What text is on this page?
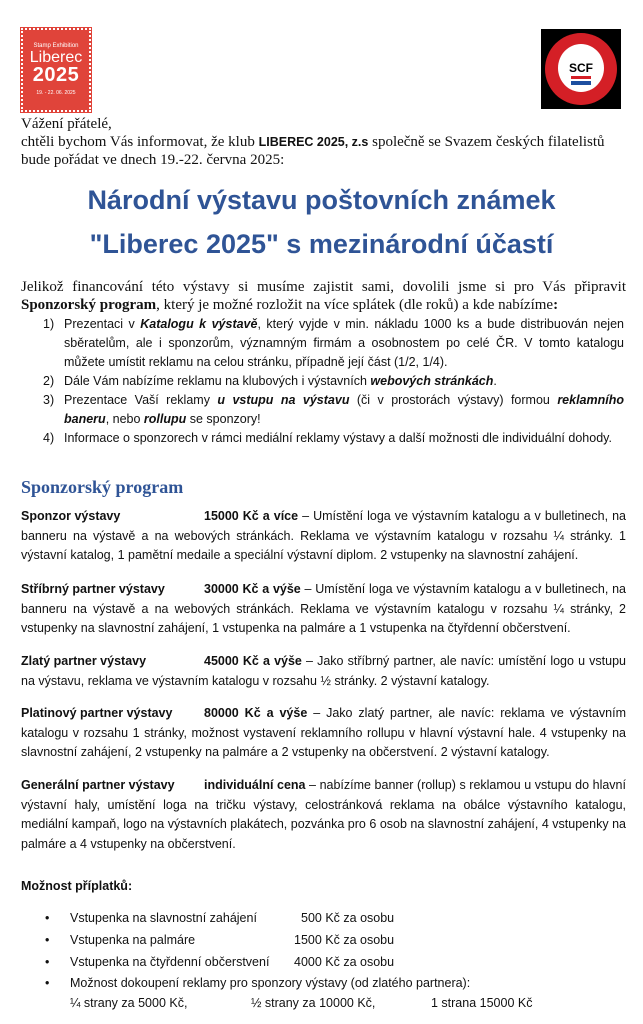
Stamp Exhibition
Liberec
2025
19. - 22. 06. 2025
SCF
Vážení přátelé,
chtěli bychom Vás informovat, že klub LIBEREC 2025, z.s společně se Svazem českých filatelistů
bude pořádat ve dnech 19.-22. června 2025:
Národní výstavu poštovních známek
"Liberec 2025" s mezinárodní účastí
Jelikož financování této výstavy si musíme zajistit sami, dovolili jsme si pro Vás připravit Sponzorský program, který je možné rozložit na více splátek (dle roků) a kde nabízíme:
1) Prezentaci v Katalogu k výstavě, který vyjde v min. nákladu 1000 ks a bude distribuován nejen sběratelům, ale i sponzorům, významným firmám a osobnostem po celé ČR. V tomto katalogu můžete umístit reklamu na celou stránku, případně její část (1/2, 1/4).
2) Dále Vám nabízíme reklamu na klubových i výstavních webových stránkách.
3) Prezentace Vaší reklamy u vstupu na výstavu (či v prostorách výstavy) formou reklamního baneru, nebo rollupu se sponzory!
4) Informace o sponzorech v rámci mediální reklamy výstavy a další možnosti dle individuální dohody.
Sponzorský program
Sponzor výstavy	15000 Kč a více – Umístění loga ve výstavním katalogu a v bulletinech, na banneru na výstavě a na webových stránkách. Reklama ve výstavním katalogu v rozsahu ¼ stránky. 1 výstavní katalog, 1 pamětní medaile a speciální výstavní diplom. 2 vstupenky na slavnostní zahájení.
Stříbrný partner výstavy	30000 Kč a výše – Umístění loga ve výstavním katalogu a v bulletinech, na banneru na výstavě a na webových stránkách. Reklama ve výstavním katalogu v rozsahu ¼ stránky, 2 vstupenky na slavnostní zahájení, 1 vstupenka na palmáre a 1 vstupenka na čtyřdenní občerstvení.
Zlatý partner výstavy	45000 Kč a výše – Jako stříbrný partner, ale navíc: umístění logo u vstupu na výstavu, reklama ve výstavním katalogu v rozsahu ½ stránky. 2 výstavní katalogy.
Platinový partner výstavy	80000 Kč a výše – Jako zlatý partner, ale navíc: reklama ve výstavním katalogu v rozsahu 1 stránky, možnost vystavení reklamního rollupu v hlavní výstavní hale. 4 vstupenky na slavnostní zahájení, 2 vstupenky na palmáre a 2 vstupenky na občerstvení. 2 výstavní katalogy.
Generální partner výstavy individuální cena – nabízíme banner (rollup) s reklamou u vstupu do hlavní výstavní haly, umístění loga na tričku výstavy, celostránková reklama na obálce výstavního katalogu, mediální kampaň, logo na výstavních plakátech, pozvánka pro 6 osob na slavnostní zahájení, 4 vstupenky na palmáre a 4 vstupenky na občerstvení.
Možnost příplatků:
• Vstupenka na slavnostní zahájení	500 Kč za osobu
• Vstupenka na palmáre	1500 Kč za osobu
• Vstupenka na čtyřdenní občerstvení 4000 Kč za osobu
• Možnost dokoupení reklamy pro sponzory výstavy (od zlatého partnera):
¼ strany za 5000 Kč,	½ strany za 10000 Kč,	1 strana 15000 Kč
